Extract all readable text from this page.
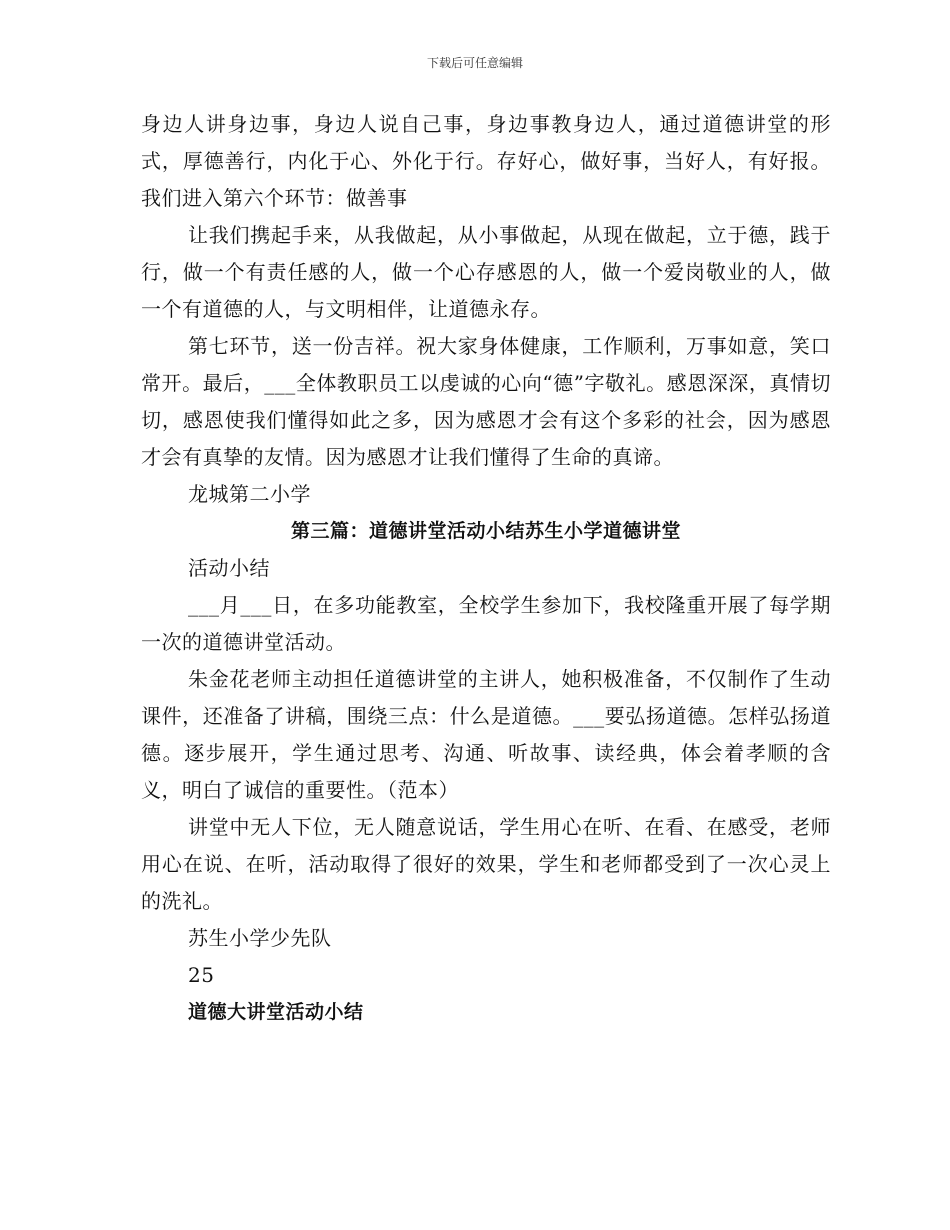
下载后可任意编辑

身边人讲身边事，身边人说自己事，身边事教身边人，通过道德讲堂的形式，厚德善行，内化于心、外化于行。存好心，做好事，当好人，有好报。我们进入第六个环节：做善事

让我们携起手来，从我做起，从小事做起，从现在做起，立于德，践于行，做一个有责任感的人，做一个心存感恩的人，做一个爱岗敬业的人，做一个有道德的人，与文明相伴，让道德永存。

第七环节，送一份吉祥。祝大家身体健康，工作顺利，万事如意，笑口常开。最后，___全体教职员工以虔诚的心向“德”字敬礼。感恩深深，真情切切，感恩使我们懂得如此之多，因为感恩才会有这个多彩的社会，因为感恩才会有真挚的友情。因为感恩才让我们懂得了生命的真谛。

龙城第二小学

第三篇：道德讲堂活动小结苏生小学道德讲堂

活动小结

___月___日，在多功能教室，全校学生参加下，我校隆重开展了每学期一次的道德讲堂活动。

朱金花老师主动担任道德讲堂的主讲人，她积极准备，不仅制作了生动课件，还准备了讲稿，围绕三点：什么是道德。___要弘扬道德。怎样弘扬道德。逐步展开，学生通过思考、沟通、听故事、读经典，体会着孝顺的含义，明白了诚信的重要性。（范本）

讲堂中无人下位，无人随意说话，学生用心在听、在看、在感受，老师用心在说、在听，活动取得了很好的效果，学生和老师都受到了一次心灵上的洗礼。

苏生小学少先队

25

道德大讲堂活动小结
